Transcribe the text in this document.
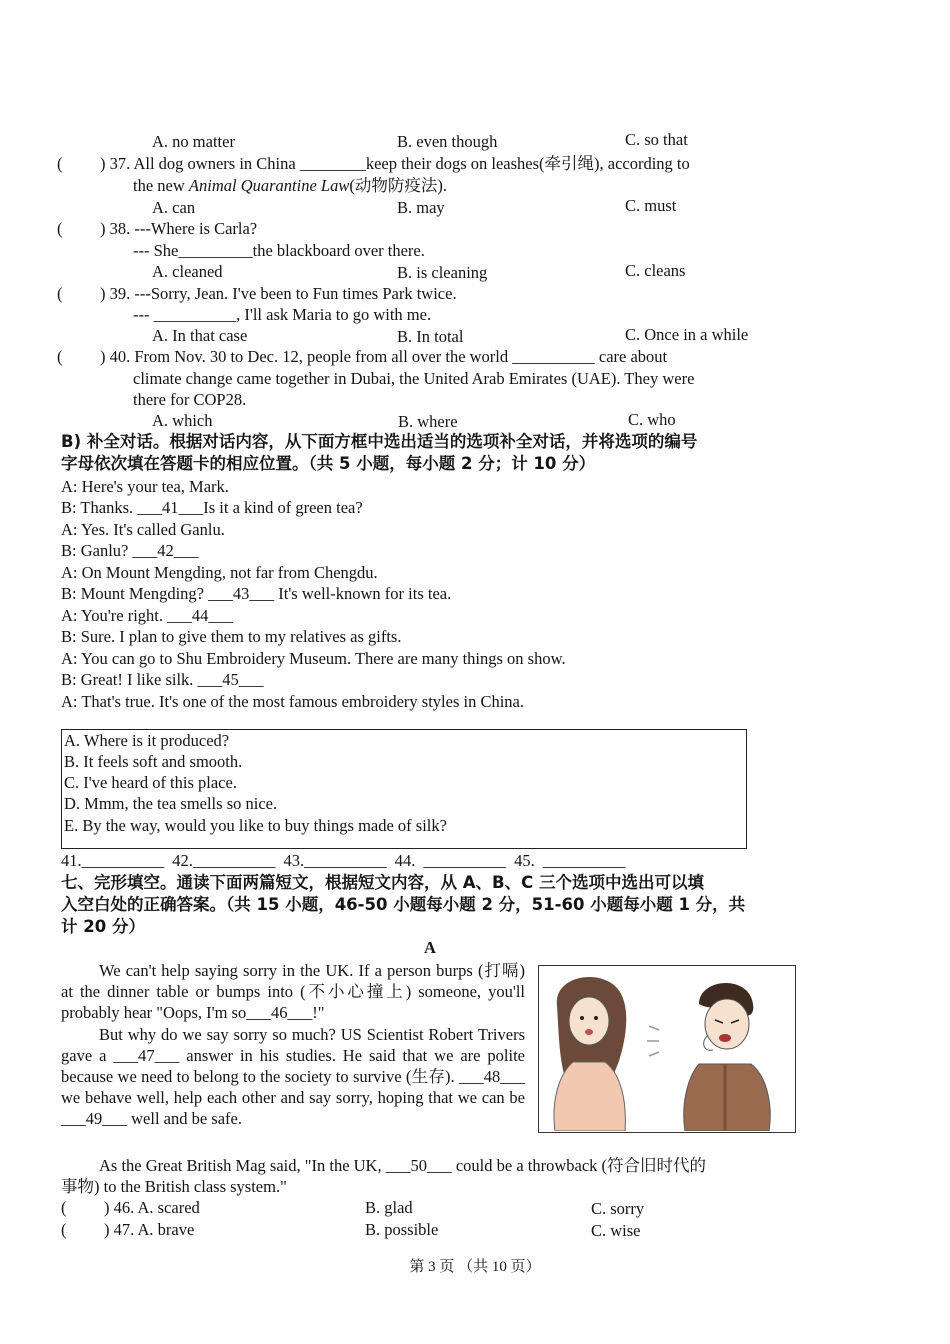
A. no matter	B. even though	C. so that
( ) 37. All dog owners in China ________keep their dogs on leashes(牵引绳), according to
the new Animal Quarantine Law(动物防疫法).
A. can	B. may	C. must
( ) 38. ---Where is Carla?
--- She_________the blackboard over there.
A. cleaned	B. is cleaning	C. cleans
( ) 39. ---Sorry, Jean. I've been to Fun times Park twice.
--- __________, I'll ask Maria to go with me.
A. In that case	B. In total	C. Once in a while
( ) 40. From Nov. 30 to Dec. 12, people from all over the world __________ care about
climate change came together in Dubai, the United Arab Emirates (UAE). They were
there for COP28.
A. which	B. where	C. who
B) 补全对话。根据对话内容，从下面方框中选出适当的选项补全对话，并将选项的编号
字母依次填在答题卡的相应位置。（共 5 小题，每小题 2 分；计 10 分）
A: Here's your tea, Mark.
B: Thanks. ___41___Is it a kind of green tea?
A: Yes. It's called Ganlu.
B: Ganlu? ___42___
A: On Mount Mengding, not far from Chengdu.
B: Mount Mengding? ___43___ It's well-known for its tea.
A: You're right. ___44___
B: Sure. I plan to give them to my relatives as gifts.
A: You can go to Shu Embroidery Museum. There are many things on show.
B: Great! I like silk. ___45___
A: That's true. It's one of the most famous embroidery styles in China.
A. Where is it produced?
B. It feels soft and smooth.
C. I've heard of this place.
D. Mmm, the tea smells so nice.
E. By the way, would you like to buy things made of silk?
41.__________ 42.__________ 43.__________ 44. __________ 45. __________
七、完形填空。通读下面两篇短文，根据短文内容，从 A、B、C 三个选项中选出可以填
入空白处的正确答案。（共 15 小题，46-50 小题每小题 2 分，51-60 小题每小题 1 分，共
计 20 分）
A
We can't help saying sorry in the UK. If a person burps (打嗝) at the dinner table or bumps into (不小心撞上) someone, you'll probably hear "Oops, I'm so___46___!"
But why do we say sorry so much? US Scientist Robert Trivers gave a ___47___ answer in his studies. He said that we are polite because we need to belong to the society to survive (生存). ___48___ we behave well, help each other and say sorry, hoping that we can be ___49___ well and be safe.
As the Great British Mag said, "In the UK, ___50___ could be a throwback (符合旧时代的
事物) to the British class system."
( ) 46. A. scared	B. glad	C. sorry
( ) 47. A. brave	B. possible	C. wise
第 3 页 （共 10 页）
